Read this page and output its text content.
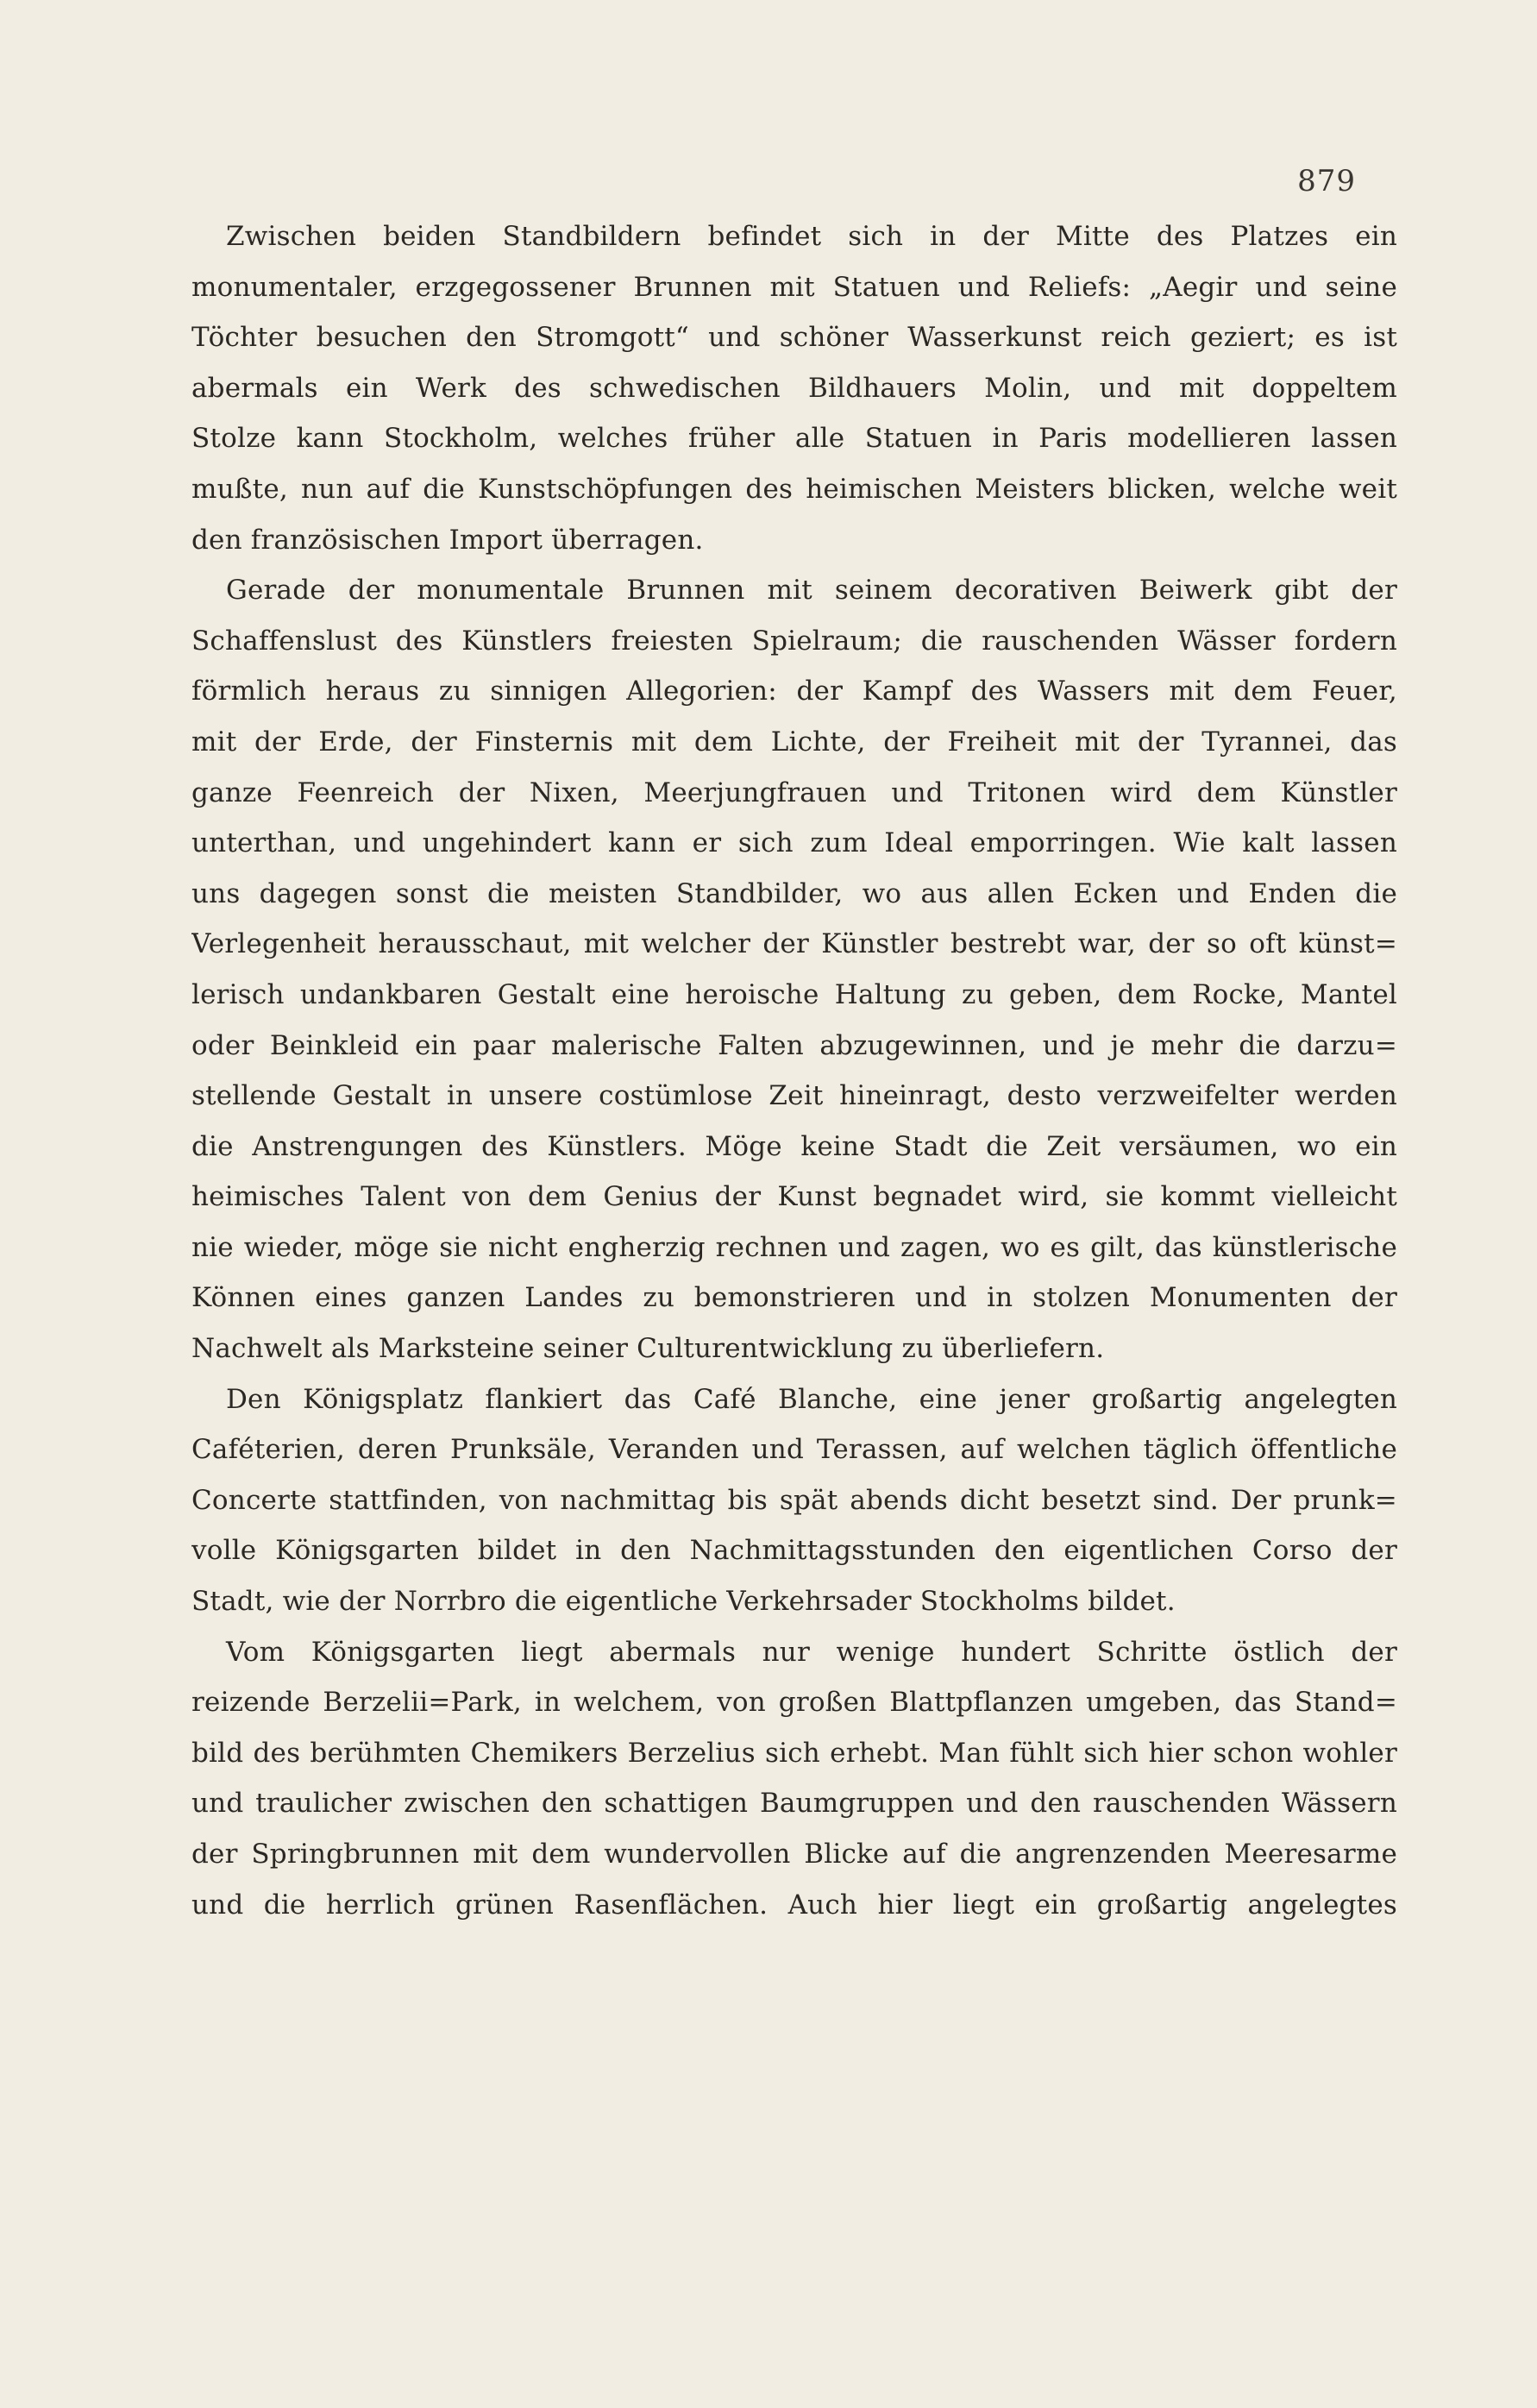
879
Zwischen beiden Standbildern befindet sich in der Mitte des Platzes ein
monumentaler, erzgegossener Brunnen mit Statuen und Reliefs: „Aegir und seine
Töchter besuchen den Stromgott“ und schöner Wasserkunst reich geziert; es ist
abermals ein Werk des schwedischen Bildhauers Molin, und mit doppeltem
Stolze kann Stockholm, welches früher alle Statuen in Paris modellieren lassen
mußte, nun auf die Kunstschöpfungen des heimischen Meisters blicken, welche weit
den französischen Import überragen.
Gerade der monumentale Brunnen mit seinem decorativen Beiwerk gibt der
Schaffenslust des Künstlers freiesten Spielraum; die rauschenden Wässer fordern
förmlich heraus zu sinnigen Allegorien: der Kampf des Wassers mit dem Feuer,
mit der Erde, der Finsternis mit dem Lichte, der Freiheit mit der Tyrannei, das
ganze Feenreich der Nixen, Meerjungfrauen und Tritonen wird dem Künstler
unterthan, und ungehindert kann er sich zum Ideal emporringen. Wie kalt lassen
uns dagegen sonst die meisten Standbilder, wo aus allen Ecken und Enden die
Verlegenheit herausschaut, mit welcher der Künstler bestrebt war, der so oft künst=
lerisch undankbaren Gestalt eine heroische Haltung zu geben, dem Rocke, Mantel
oder Beinkleid ein paar malerische Falten abzugewinnen, und je mehr die darzu=
stellende Gestalt in unsere costümlose Zeit hineinragt, desto verzweifelter werden
die Anstrengungen des Künstlers. Möge keine Stadt die Zeit versäumen, wo ein
heimisches Talent von dem Genius der Kunst begnadet wird, sie kommt vielleicht
nie wieder, möge sie nicht engherzig rechnen und zagen, wo es gilt, das künstlerische
Können eines ganzen Landes zu bemonstrieren und in stolzen Monumenten der
Nachwelt als Marksteine seiner Culturentwicklung zu überliefern.
Den Königsplatz flankiert das Café Blanche, eine jener großartig angelegten
Caféterien, deren Prunksäle, Veranden und Terassen, auf welchen täglich öffentliche
Concerte stattfinden, von nachmittag bis spät abends dicht besetzt sind. Der prunk=
volle Königsgarten bildet in den Nachmittagsstunden den eigentlichen Corso der
Stadt, wie der Norrbro die eigentliche Verkehrsader Stockholms bildet.
Vom Königsgarten liegt abermals nur wenige hundert Schritte östlich der
reizende Berzelii=Park, in welchem, von großen Blattpflanzen umgeben, das Stand=
bild des berühmten Chemikers Berzelius sich erhebt. Man fühlt sich hier schon wohler
und traulicher zwischen den schattigen Baumgruppen und den rauschenden Wässern
der Springbrunnen mit dem wundervollen Blicke auf die angrenzenden Meeresarme
und die herrlich grünen Rasenflächen. Auch hier liegt ein großartig angelegtes
